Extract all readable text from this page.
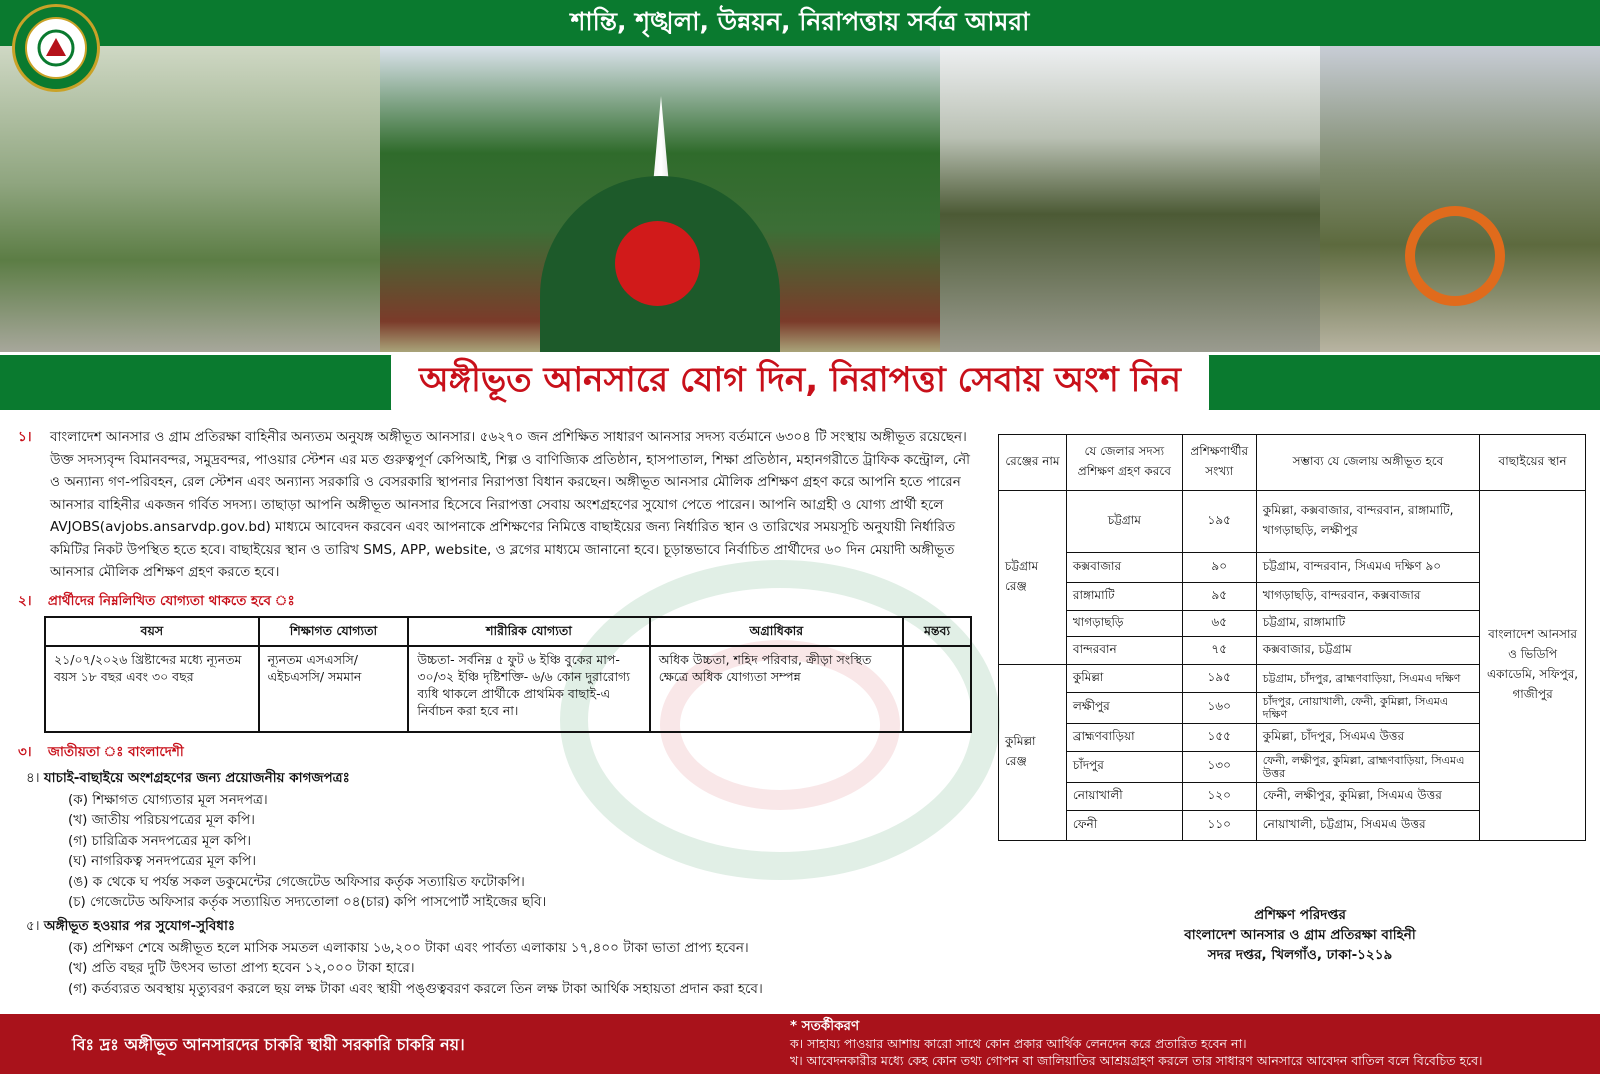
শান্তি, শৃঙ্খলা, উন্নয়ন, নিরাপত্তায় সর্বত্র আমরা
অঙ্গীভূত আনসারে যোগ দিন, নিরাপত্তা সেবায় অংশ নিন
১। বাংলাদেশ আনসার ও গ্রাম প্রতিরক্ষা বাহিনীর অন্যতম অনুযঙ্গ অঙ্গীভূত আনসার। ৫৬২৭০ জন প্রশিক্ষিত সাধারণ আনসার সদস্য বর্তমানে ৬৩০৪ টি সংস্থায় অঙ্গীভূত রয়েছেন। উক্ত সদস্যবৃন্দ বিমানবন্দর, সমুদ্রবন্দর, পাওয়ার স্টেশন এর মত গুরুত্বপূর্ণ কেপিআই, শিল্প ও বাণিজ্যিক প্রতিষ্ঠান, হাসপাতাল, শিক্ষা প্রতিষ্ঠান, মহানগরীতে ট্রাফিক কন্ট্রোল, নৌ ও অন্যান্য গণ-পরিবহন, রেল স্টেশন এবং অন্যান্য সরকারি ও বেসরকারি স্থাপনার নিরাপত্তা বিধান করছেন। অঙ্গীভূত আনসার মৌলিক প্রশিক্ষণ গ্রহণ করে আপনি হতে পারেন আনসার বাহিনীর একজন গর্বিত সদস্য। তাছাড়া আপনি অঙ্গীভূত আনসার হিসেবে নিরাপত্তা সেবায় অংশগ্রহণের সুযোগ পেতে পারেন। আপনি আগ্রহী ও যোগ্য প্রার্থী হলে AVJOBS(avjobs.ansarvdp.gov.bd) মাধ্যমে আবেদন করবেন এবং আপনাকে প্রশিক্ষণের নিমিত্তে বাছাইয়ের জন্য নির্ধারিত স্থান ও তারিখের সময়সূচি অনুযায়ী নির্ধারিত কমিটির নিকট উপস্থিত হতে হবে। বাছাইয়ের স্থান ও তারিখ SMS, APP, website, ও ব্লগের মাধ্যমে জানানো হবে। চূড়ান্তভাবে নির্বাচিত প্রার্থীদের ৬০ দিন মেয়াদী অঙ্গীভূত আনসার মৌলিক প্রশিক্ষণ গ্রহণ করতে হবে।
২। প্রার্থীদের নিম্নলিখিত যোগ্যতা থাকতে হবে ঃ
বয়স	শিক্ষাগত যোগ্যতা	শারীরিক যোগ্যতা	অগ্রাধিকার	মন্তব্য
২১/০৭/২০২৬ খ্রিষ্টাব্দের মধ্যে ন্যূনতম বয়স ১৮ বছর এবং ৩০ বছর	ন্যূনতম এসএসসি/এইচএসসি/ সমমান	উচ্চতা- সর্বনিম্ন ৫ ফুট ৬ ইঞ্চি বুকের মাপ- ৩০/৩২ ইঞ্চি দৃষ্টিশক্তি- ৬/৬ কোন দুরারোগ্য ব্যধি থাকলে প্রার্থীকে প্রাথমিক বাছাই-এ নির্বাচন করা হবে না।	অধিক উচ্চতা, শহিদ পরিবার, ক্রীড়া সংস্থিত ক্ষেত্রে অধিক যোগ্যতা সম্পন্ন	
৩। জাতীয়তা ঃ বাংলাদেশী
৪। যাচাই-বাছাইয়ে অংশগ্রহণের জন্য প্রয়োজনীয় কাগজপত্রঃ
(ক) শিক্ষাগত যোগ্যতার মূল সনদপত্র।
(খ) জাতীয় পরিচয়পত্রের মূল কপি।
(গ) চারিত্রিক সনদপত্রের মূল কপি।
(ঘ) নাগরিকত্ব সনদপত্রের মূল কপি।
(ঙ) ক থেকে ঘ পর্যন্ত সকল ডকুমেন্টের গেজেটেড অফিসার কর্তৃক সত্যায়িত ফটোকপি।
(চ) গেজেটেড অফিসার কর্তৃক সত্যায়িত সদ্যতোলা ০৪(চার) কপি পাসপোর্ট সাইজের ছবি।
৫। অঙ্গীভূত হওয়ার পর সুযোগ-সুবিধাঃ
(ক) প্রশিক্ষণ শেষে অঙ্গীভূত হলে মাসিক সমতল এলাকায় ১৬,২০০ টাকা এবং পার্বত্য এলাকায় ১৭,৪০০ টাকা ভাতা প্রাপ্য হবেন।
(খ) প্রতি বছর দুটি উৎসব ভাতা প্রাপ্য হবেন ১২,০০০ টাকা হারে।
(গ) কর্তব্যরত অবস্থায় মৃত্যুবরণ করলে ছয় লক্ষ টাকা এবং স্থায়ী পঙ্গুত্ববরণ করলে তিন লক্ষ টাকা আর্থিক সহায়তা প্রদান করা হবে।
রেঞ্জের নাম	যে জেলার সদস্য প্রশিক্ষণ গ্রহণ করবে	প্রশিক্ষণার্থীর সংখ্যা	সম্ভাব্য যে জেলায় অঙ্গীভূত হবে	বাছাইয়ের স্থান
চট্টগ্রাম রেঞ্জ	চট্টগ্রাম	১৯৫	কুমিল্লা, কক্সবাজার, বান্দরবান, রাঙ্গামাটি, খাগড়াছড়ি, লক্ষীপুর	বাংলাদেশ আনসার ও ভিডিপি একাডেমি, সফিপুর, গাজীপুর
	কক্সবাজার	৯০	চট্টগ্রাম, বান্দরবান, সিএমএ দক্ষিণ ৯০	
	রাঙ্গামাটি	৯৫	খাগড়াছড়ি, বান্দরবান, কক্সবাজার	
	খাগড়াছড়ি	৬৫	চট্টগ্রাম, রাঙ্গামাটি	
	বান্দরবান	৭৫	কক্সবাজার, চট্টগ্রাম	
কুমিল্লা রেঞ্জ	কুমিল্লা	১৯৫	চট্টগ্রাম, চাঁদপুর, ব্রাহ্মণবাড়িয়া, সিএমএ দক্ষিণ	
	লক্ষীপুর	১৬০	চাঁদপুর, নোয়াখালী, ফেনী, কুমিল্লা, সিএমএ দক্ষিণ	
	ব্রাহ্মণবাড়িয়া	১৫৫	কুমিল্লা, চাঁদপুর, সিএমএ উত্তর	
	চাঁদপুর	১৩০	ফেনী, লক্ষীপুর, কুমিল্লা, ব্রাহ্মণবাড়িয়া, সিএমএ উত্তর	
	নোয়াখালী	১২০	ফেনী, লক্ষীপুর, কুমিল্লা, সিএমএ উত্তর	
	ফেনী	১১০	নোয়াখালী, চট্টগ্রাম, সিএমএ উত্তর	
প্রশিক্ষণ পরিদপ্তর
বাংলাদেশ আনসার ও গ্রাম প্রতিরক্ষা বাহিনী
সদর দপ্তর, খিলগাঁও, ঢাকা-১২১৯
বিঃ দ্রঃ অঙ্গীভূত আনসারদের চাকরি স্থায়ী সরকারি চাকরি নয়।
* সতর্কীকরণ
ক। সাহায্য পাওয়ার আশায় কারো সাথে কোন প্রকার আর্থিক লেনদেন করে প্রতারিত হবেন না।
খ। আবেদনকারীর মধ্যে কেহ কোন তথ্য গোপন বা জালিয়াতির আশ্রয়গ্রহণ করলে তার সাধারণ আনসারে আবেদন বাতিল বলে বিবেচিত হবে।
